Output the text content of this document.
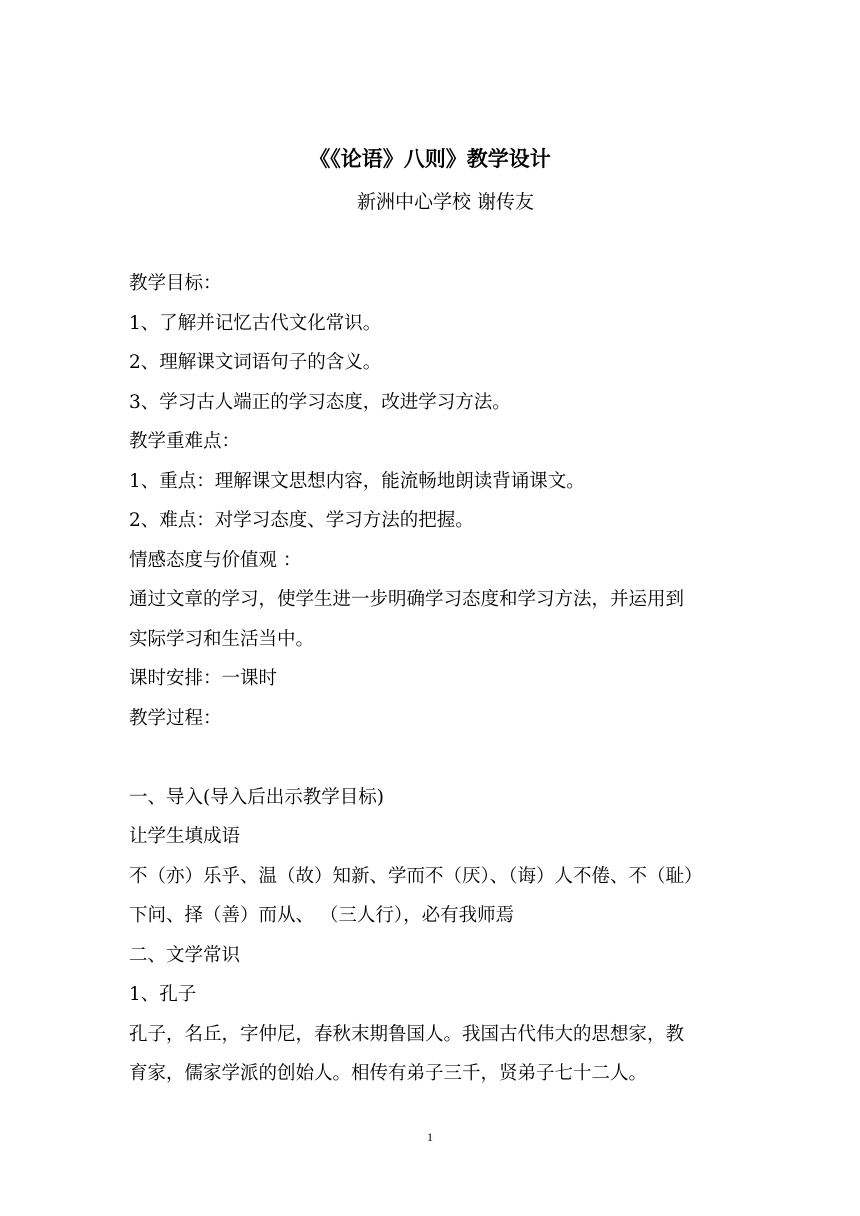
《《论语》八则》教学设计
新洲中心学校 谢传友
教学目标：
1、了解并记忆古代文化常识。
2、理解课文词语句子的含义。
3、学习古人端正的学习态度，改进学习方法。
教学重难点：
1、重点：理解课文思想内容，能流畅地朗读背诵课文。
2、难点：对学习态度、学习方法的把握。
情感态度与价值观 ：
通过文章的学习，使学生进一步明确学习态度和学习方法，并运用到
实际学习和生活当中。
课时安排：一课时
教学过程：
一、导入(导入后出示教学目标)
让学生填成语
不（亦）乐乎、温（故）知新、学而不（厌）、（诲）人不倦、不（耻）
下问、择（善）而从、 （三人行），必有我师焉
二、文学常识
1、孔子
孔子，名丘，字仲尼，春秋末期鲁国人。我国古代伟大的思想家，教
育家，儒家学派的创始人。相传有弟子三千，贤弟子七十二人。
1
